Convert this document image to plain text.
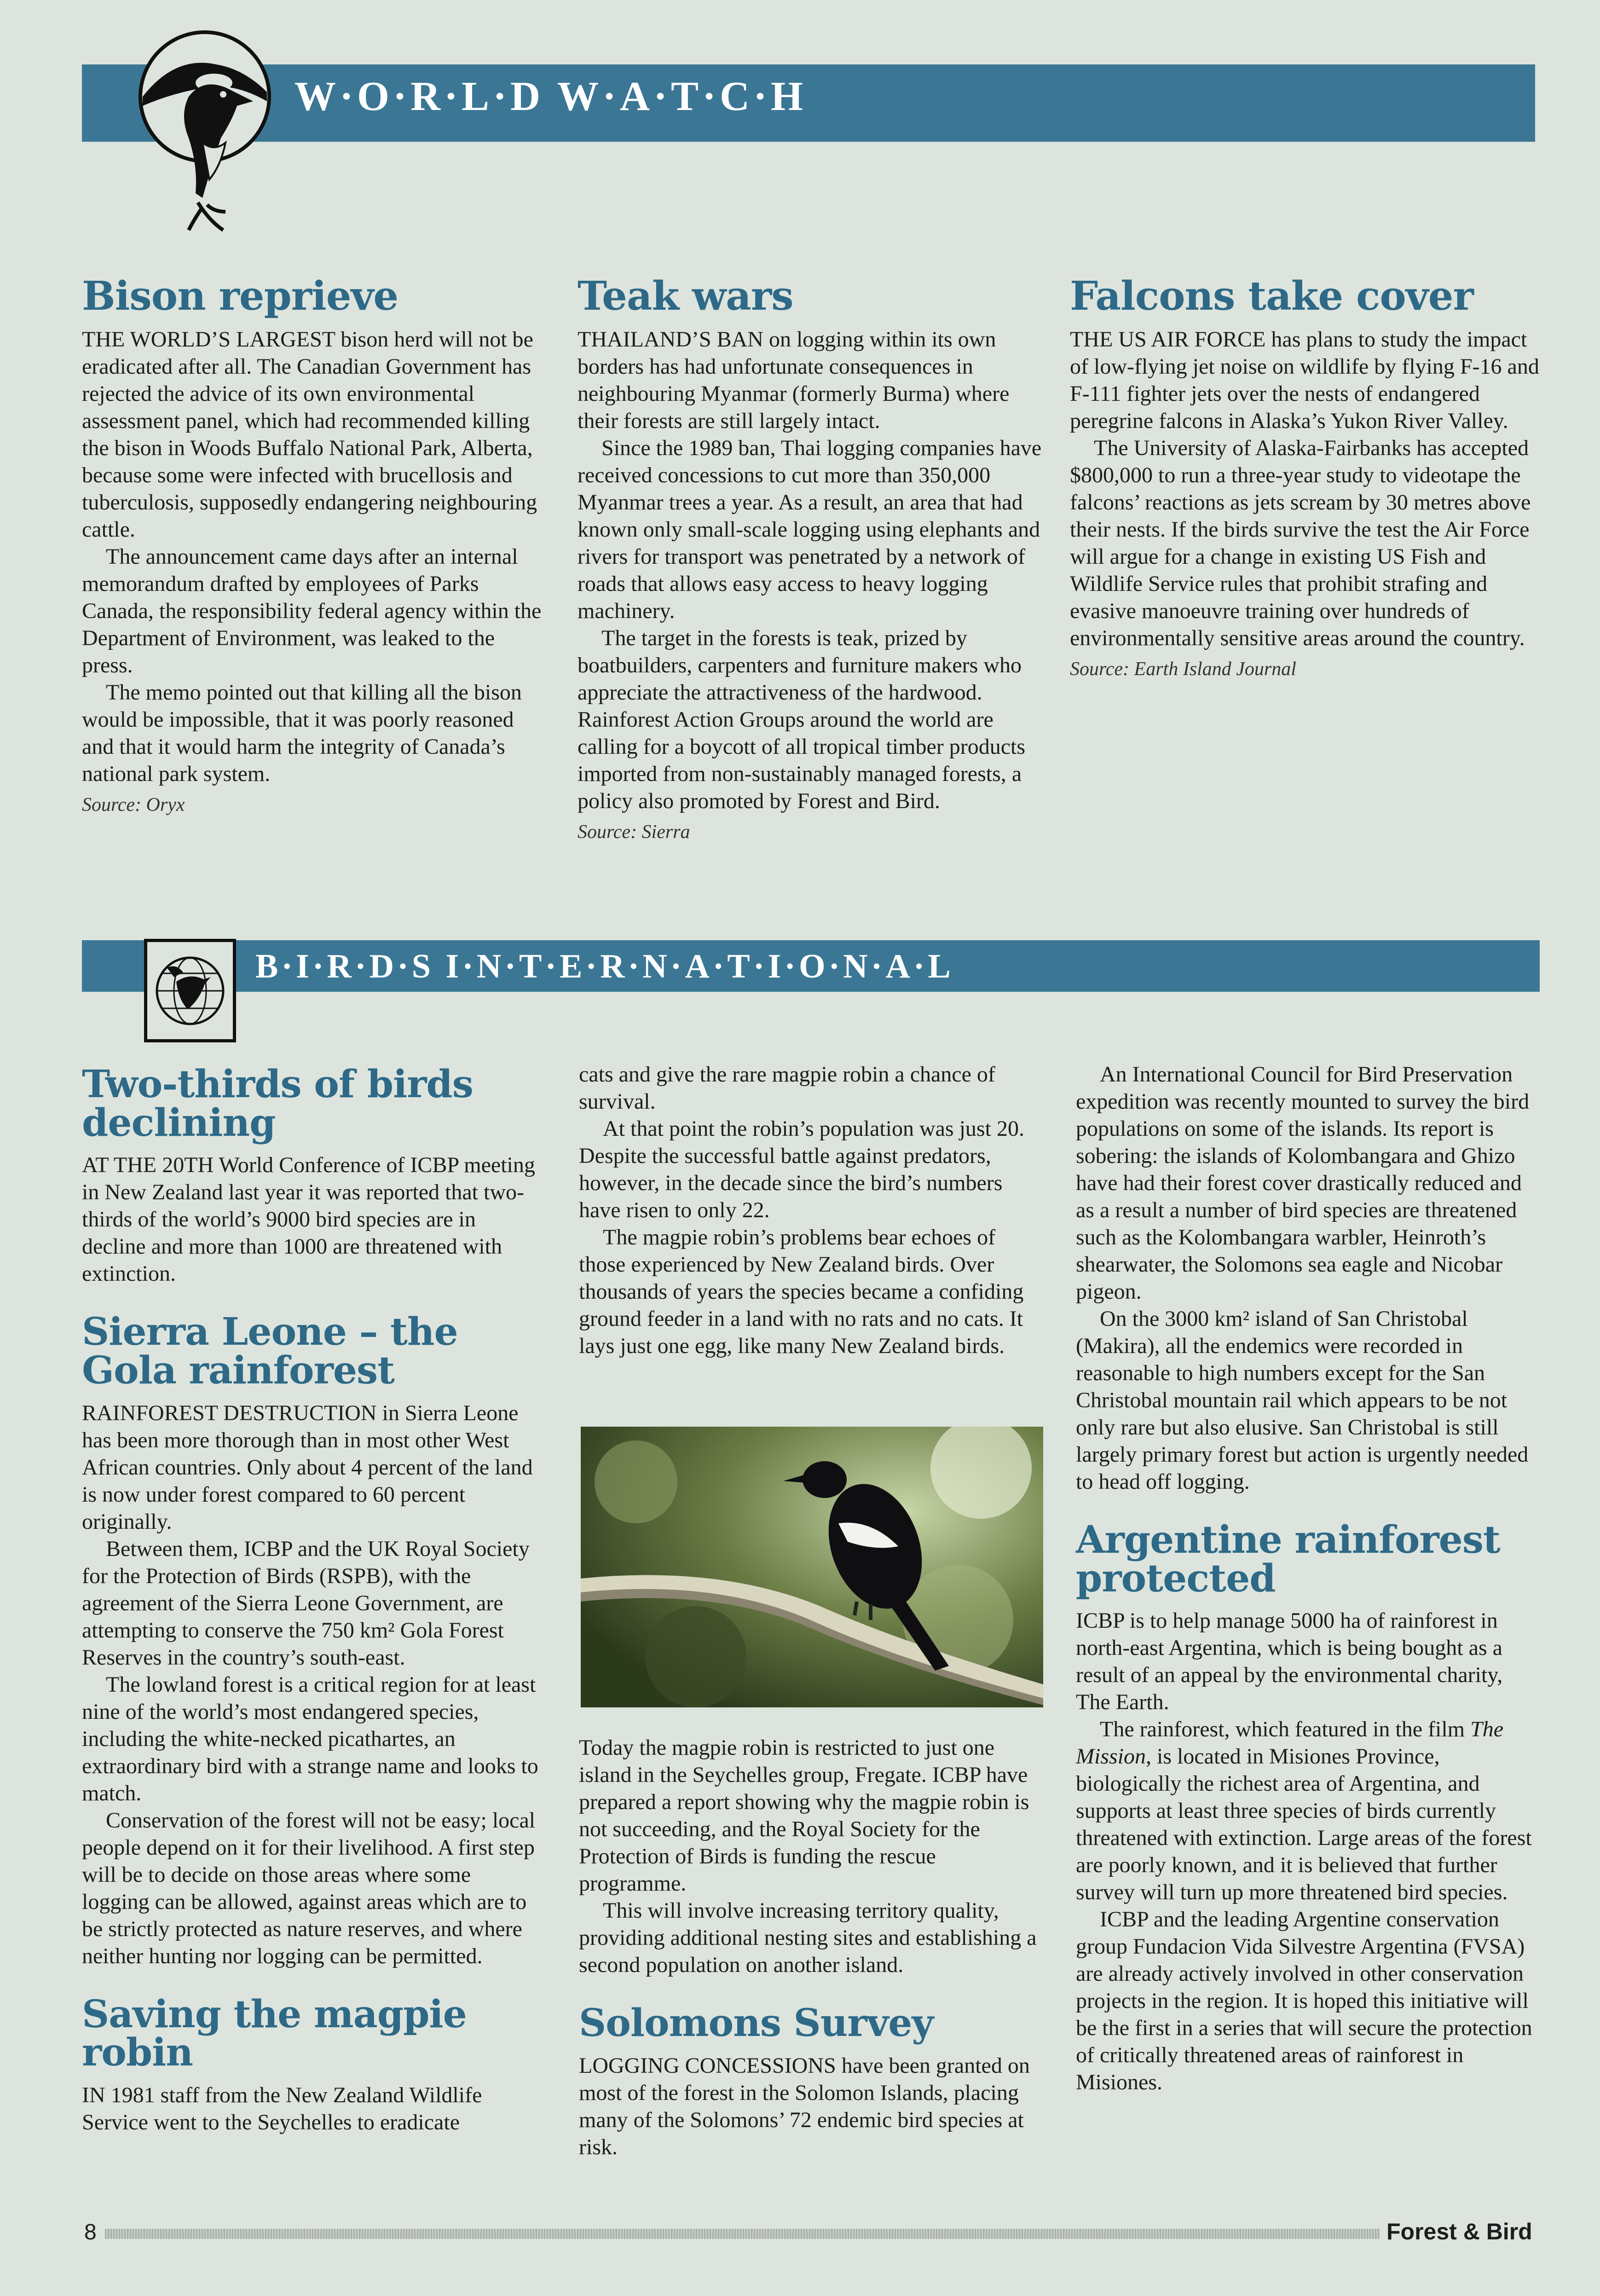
W·O·R·L·D W·A·T·C·H
Bison reprieve

THE WORLD’S LARGEST bison herd will not be eradicated after all. The Canadian Government has rejected the advice of its own environmental assessment panel, which had recommended killing the bison in Woods Buffalo National Park, Alberta, because some were infected with brucellosis and tuberculosis, supposedly endangering neighbouring cattle.

The announcement came days after an internal memorandum drafted by employees of Parks Canada, the responsibility federal agency within the Department of Environment, was leaked to the press.

The memo pointed out that killing all the bison would be impossible, that it was poorly reasoned and that it would harm the integrity of Canada’s national park system.

Source: Oryx

Teak wars

THAILAND’S BAN on logging within its own borders has had unfortunate consequences in neighbouring Myanmar (formerly Burma) where their forests are still largely intact.

Since the 1989 ban, Thai logging companies have received concessions to cut more than 350,000 Myanmar trees a year. As a result, an area that had known only small-scale logging using elephants and rivers for transport was penetrated by a network of roads that allows easy access to heavy logging machinery.

The target in the forests is teak, prized by boatbuilders, carpenters and furniture makers who appreciate the attractiveness of the hardwood. Rainforest Action Groups around the world are calling for a boycott of all tropical timber products imported from non-sustainably managed forests, a policy also promoted by Forest and Bird.

Source: Sierra

Falcons take cover

THE US AIR FORCE has plans to study the impact of low-flying jet noise on wildlife by flying F-16 and F-111 fighter jets over the nests of endangered peregrine falcons in Alaska’s Yukon River Valley.

The University of Alaska-Fairbanks has accepted $800,000 to run a three-year study to videotape the falcons’ reactions as jets scream by 30 metres above their nests. If the birds survive the test the Air Force will argue for a change in existing US Fish and Wildlife Service rules that prohibit strafing and evasive manoeuvre training over hundreds of environmentally sensitive areas around the country.

Source: Earth Island Journal

B·I·R·D·S I·N·T·E·R·N·A·T·I·O·N·A·L
Two-thirds of birds declining

AT THE 20TH World Conference of ICBP meeting in New Zealand last year it was reported that two-thirds of the world’s 9000 bird species are in decline and more than 1000 are threatened with extinction.

Sierra Leone – the Gola rainforest

RAINFOREST DESTRUCTION in Sierra Leone has been more thorough than in most other West African countries. Only about 4 percent of the land is now under forest compared to 60 percent originally.

Between them, ICBP and the UK Royal Society for the Protection of Birds (RSPB), with the agreement of the Sierra Leone Government, are attempting to conserve the 750 km² Gola Forest Reserves in the country’s south-east.

The lowland forest is a critical region for at least nine of the world’s most endangered species, including the white-necked picathartes, an extraordinary bird with a strange name and looks to match.

Conservation of the forest will not be easy; local people depend on it for their livelihood. A first step will be to decide on those areas where some logging can be allowed, against areas which are to be strictly protected as nature reserves, and where neither hunting nor logging can be permitted.

Saving the magpie robin

IN 1981 staff from the New Zealand Wildlife Service went to the Seychelles to eradicate

cats and give the rare magpie robin a chance of survival.

At that point the robin’s population was just 20. Despite the successful battle against predators, however, in the decade since the bird’s numbers have risen to only 22.

The magpie robin’s problems bear echoes of those experienced by New Zealand birds. Over thousands of years the species became a confiding ground feeder in a land with no rats and no cats. It lays just one egg, like many New Zealand birds.

Today the magpie robin is restricted to just one island in the Seychelles group, Fregate. ICBP have prepared a report showing why the magpie robin is not succeeding, and the Royal Society for the Protection of Birds is funding the rescue programme.

This will involve increasing territory quality, providing additional nesting sites and establishing a second population on another island.

Solomons Survey

LOGGING CONCESSIONS have been granted on most of the forest in the Solomon Islands, placing many of the Solomons’ 72 endemic bird species at risk.

An International Council for Bird Preservation expedition was recently mounted to survey the bird populations on some of the islands. Its report is sobering: the islands of Kolombangara and Ghizo have had their forest cover drastically reduced and as a result a number of bird species are threatened such as the Kolombangara warbler, Heinroth’s shearwater, the Solomons sea eagle and Nicobar pigeon.

On the 3000 km² island of San Christobal (Makira), all the endemics were recorded in reasonable to high numbers except for the San Christobal mountain rail which appears to be not only rare but also elusive. San Christobal is still largely primary forest but action is urgently needed to head off logging.

Argentine rainforest protected

ICBP is to help manage 5000 ha of rainforest in north-east Argentina, which is being bought as a result of an appeal by the environmental charity, The Earth.

The rainforest, which featured in the film The Mission, is located in Misiones Province, biologically the richest area of Argentina, and supports at least three species of birds currently threatened with extinction. Large areas of the forest are poorly known, and it is believed that further survey will turn up more threatened bird species.

ICBP and the leading Argentine conservation group Fundacion Vida Silvestre Argentina (FVSA) are already actively involved in other conservation projects in the region. It is hoped this initiative will be the first in a series that will secure the protection of critically threatened areas of rainforest in Misiones.

8	Forest & Bird
